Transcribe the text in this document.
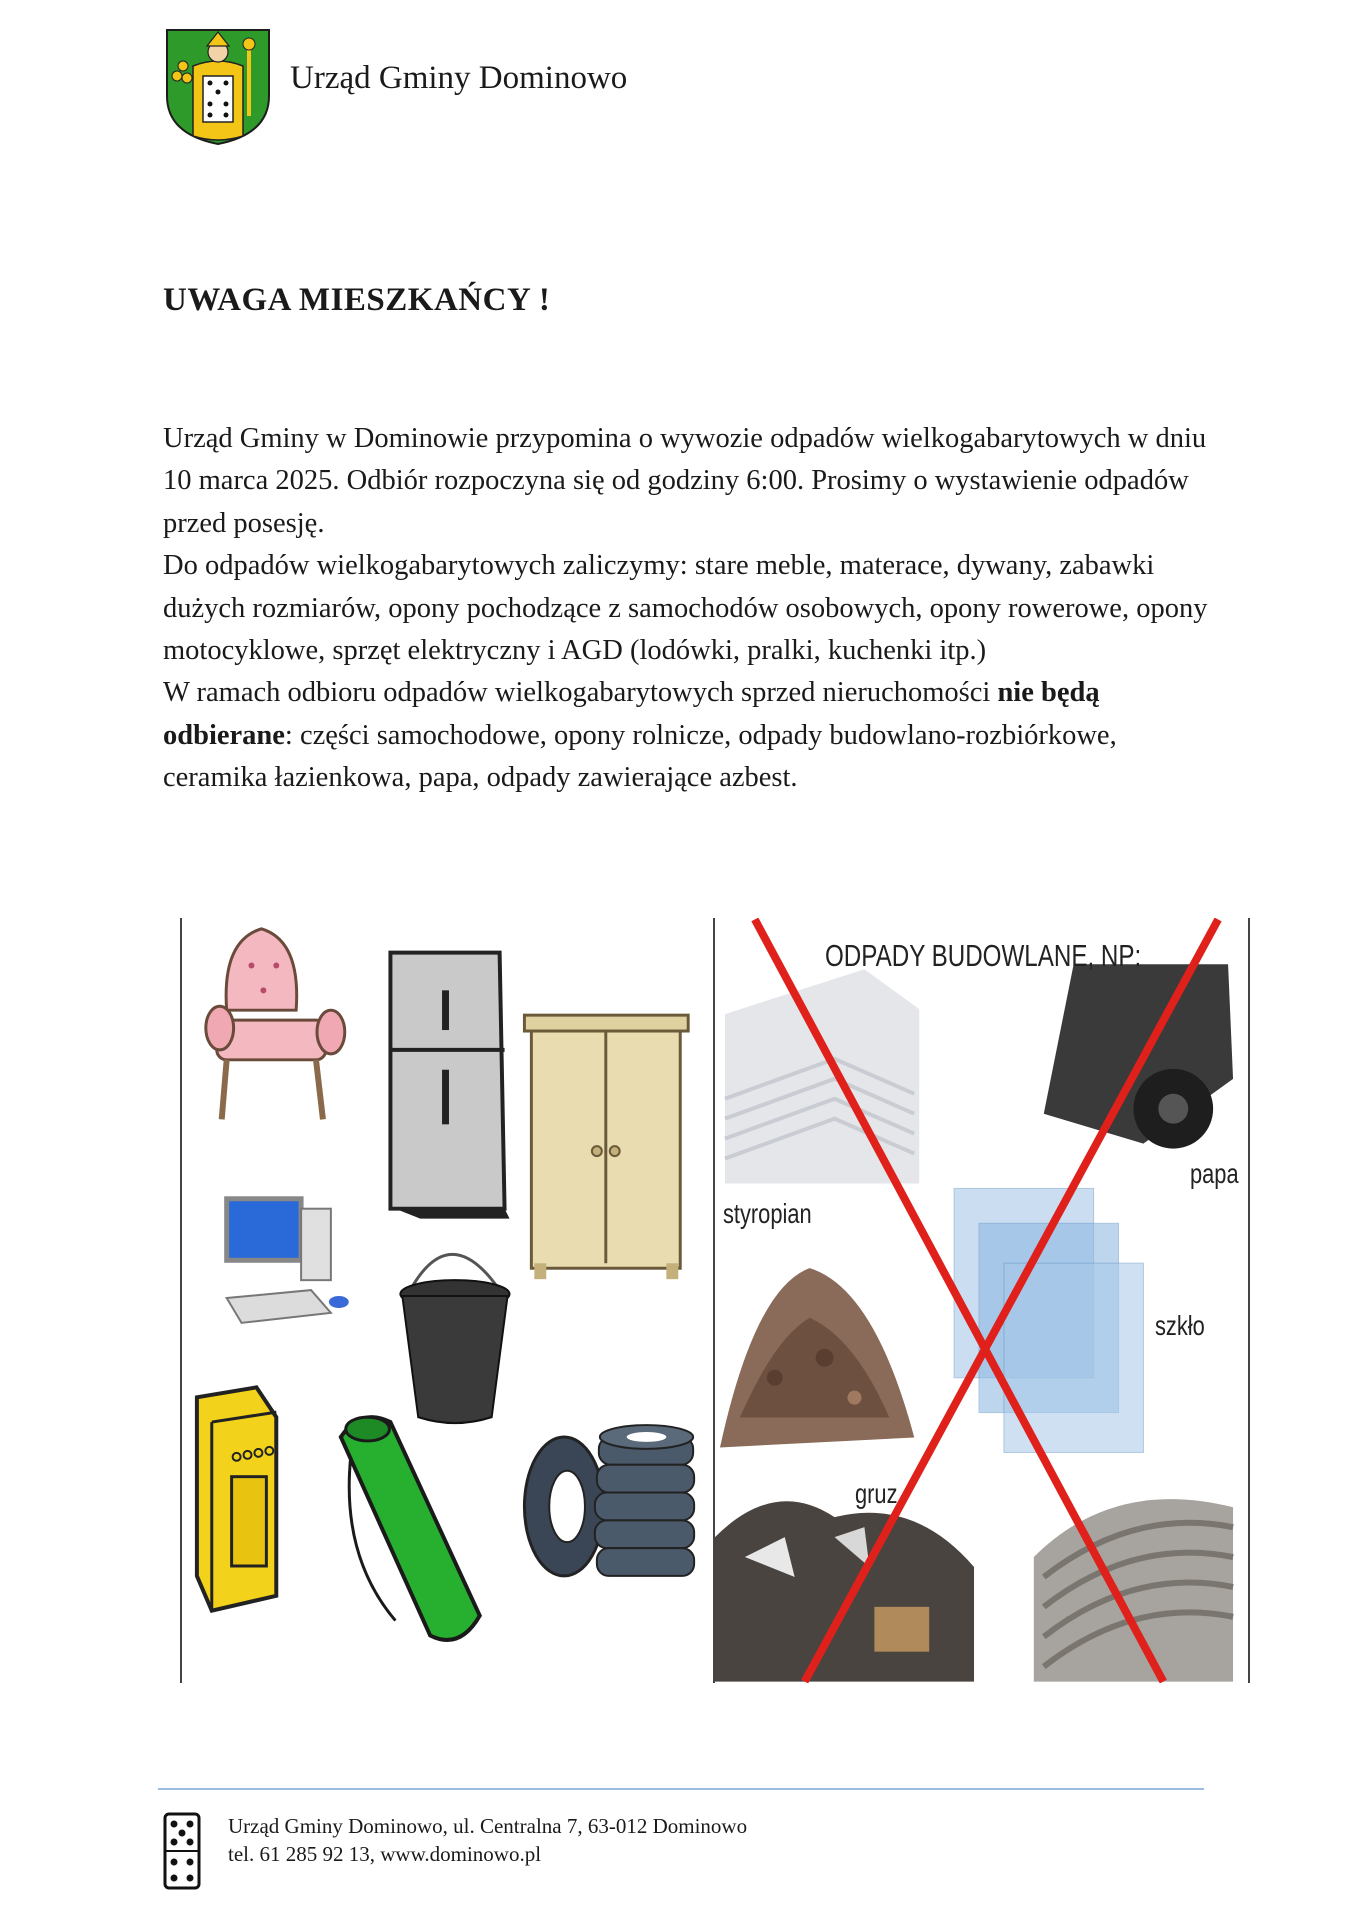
Urząd Gminy Dominowo
UWAGA MIESZKAŃCY !

Urząd Gminy w Dominowie przypomina o wywozie odpadów wielkogabarytowych w dniu 10 marca 2025. Odbiór rozpoczyna się od godziny 6:00. Prosimy o wystawienie odpadów przed posesję.

Do odpadów wielkogabarytowych zaliczymy: stare meble, materace, dywany, zabawki dużych rozmiarów, opony pochodzące z samochodów osobowych, opony rowerowe, opony motocyklowe, sprzęt elektryczny i AGD (lodówki, pralki, kuchenki itp.)

W ramach odbioru odpadów wielkogabarytowych sprzed nieruchomości nie będą odbierane: części samochodowe, opony rolnicze, odpady budowlano-rozbiórkowe, ceramika łazienkowa, papa, odpady zawierające azbest.

ODPADY BUDOWLANE, NP:
styropian
papa
szkło
gruz
Urząd Gminy Dominowo, ul. Centralna 7, 63-012 Dominowo
tel. 61 285 92 13, www.dominowo.pl
